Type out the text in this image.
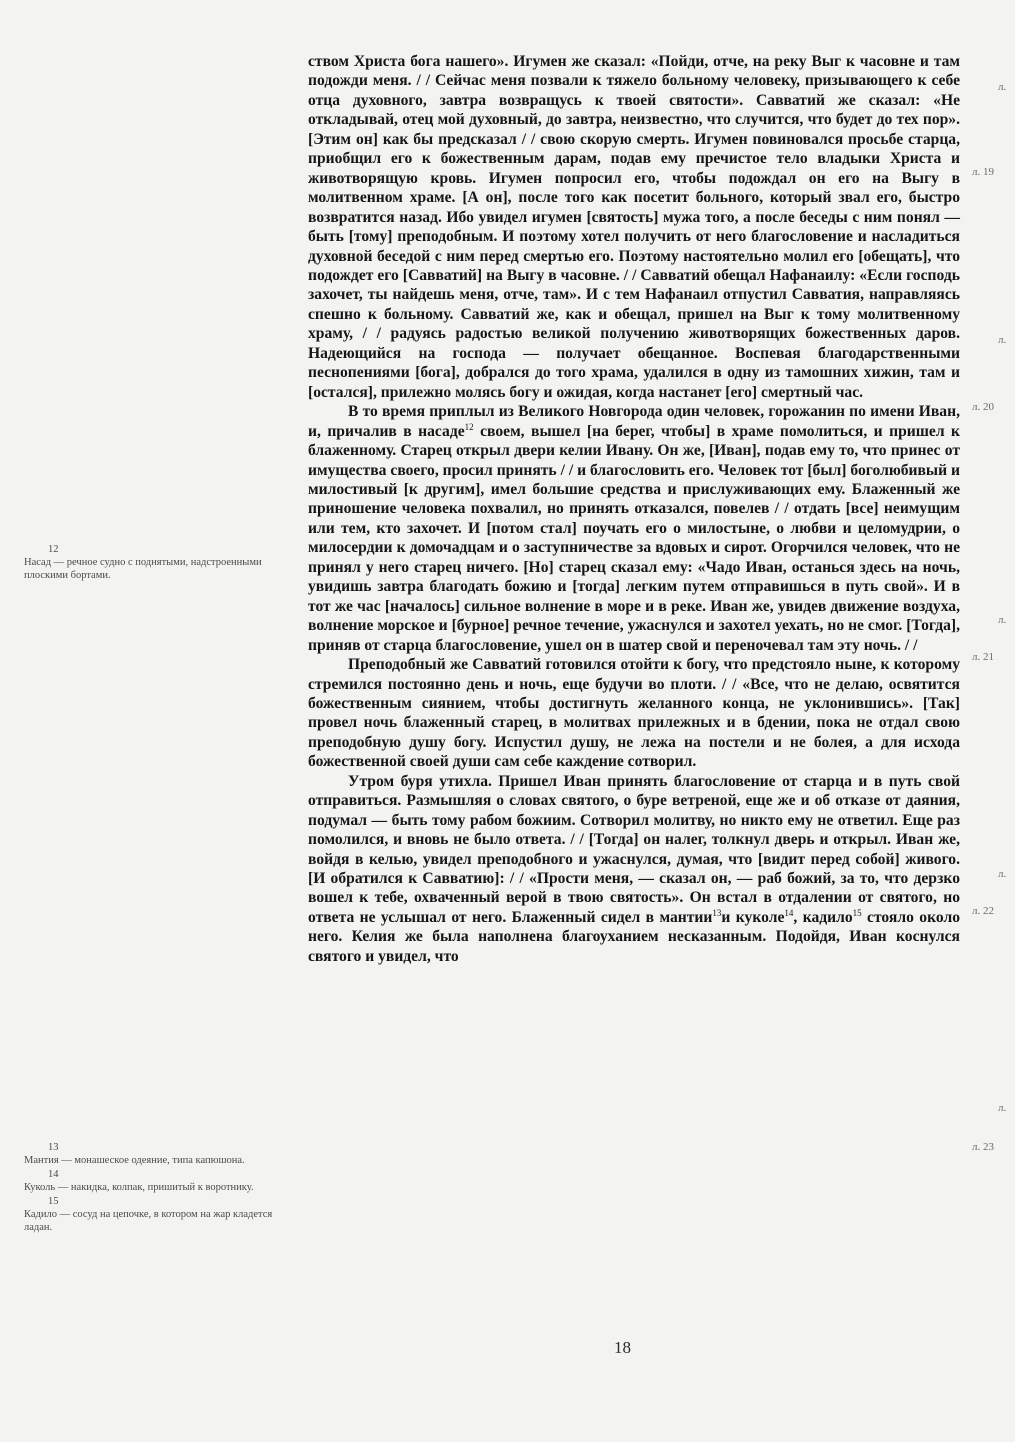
ством Христа бога нашего». Игумен же сказал: «Пойди, отче, на реку Выг к часовне и там подожди меня. / / Сейчас меня позвали к тяжело больному человеку, призывающего к себе отца духовного, завтра возвращусь к твоей святости». Савватий же сказал: «Не откладывай, отец мой духовный, до завтра, неизвестно, что случится, что будет до тех пор». [Этим он] как бы предсказал / / свою скорую смерть. Игумен повиновался просьбе старца, приобщил его к божественным дарам, подав ему пречистое тело владыки Христа и животворящую кровь. Игумен попросил его, чтобы подождал он его на Выгу в молитвенном храме. [А он], после того как посетит больного, который звал его, быстро возвратится назад. Ибо увидел игумен [святость] мужа того, а после беседы с ним понял — быть [тому] преподобным. И поэтому хотел получить от него благословение и насладиться духовной беседой с ним перед смертью его. Поэтому настоятельно молил его [обещать], что подождет его [Савватий] на Выгу в часовне. / / Савватий обещал Нафанаилу: «Если господь захочет, ты найдешь меня, отче, там». И с тем Нафанаил отпустил Савватия, направляясь спешно к больному. Савватий же, как и обещал, пришел на Выг к тому молитвенному храму, / / радуясь радостью великой получению животворящих божественных даров. Надеющийся на господа — получает обещанное. Воспевая благодарственными песнопениями [бога], добрался до того храма, удалился в одну из тамошних хижин, там и [остался], прилежно молясь богу и ожидая, когда настанет [его] смертный час.

В то время приплыл из Великого Новгорода один человек, горожанин по имени Иван, и, причалив в насаде$^{12}$ своем, вышел [на берег, чтобы] в храме помолиться, и пришел к блаженному. Старец открыл двери келии Ивану. Он же, [Иван], подав ему то, что принес от имущества своего, просил принять / / и благословить его. Человек тот [был] боголюбивый и милостивый [к другим], имел большие средства и прислуживающих ему. Блаженный же приношение человека похвалил, но принять отказался, повелев / / отдать [все] неимущим или тем, кто захочет. И [потом стал] поучать его о милостыне, о любви и целомудрии, о милосердии к домочадцам и о заступничестве за вдовых и сирот. Огорчился человек, что не принял у него старец ничего. [Но] старец сказал ему: «Чадо Иван, останься здесь на ночь, увидишь завтра благодать божию и [тогда] легким путем отправишься в путь свой». И в тот же час [началось] сильное волнение в море и в реке. Иван же, увидев движение воздуха, волнение морское и [бурное] речное течение, ужаснулся и захотел уехать, но не смог. [Тогда], приняв от старца благословение, ушел он в шатер свой и переночевал там эту ночь. / /

Преподобный же Савватий готовился отойти к богу, что предстояло ныне, к которому стремился постоянно день и ночь, еще будучи во плоти. / / «Все, что не делаю, освятится божественным сиянием, чтобы достигнуть желанного конца, не уклонившись». [Так] провел ночь блаженный старец, в молитвах прилежных и в бдении, пока не отдал свою преподобную душу богу. Испустил душу, не лежа на постели и не болея, а для исхода божественной своей души сам себе каждение сотворил.

Утром буря утихла. Пришел Иван принять благословение от старца и в путь свой отправиться. Размышляя о словах святого, о буре ветреной, еще же и об отказе от даяния, подумал — быть тому рабом божиим. Сотворил молитву, но никто ему не ответил. Еще раз помолился, и вновь не было ответа. / / [Тогда] он налег, толкнул дверь и открыл. Иван же, войдя в келью, увидел преподобного и ужаснулся, думая, что [видит перед собой] живого. [И обратился к Савватию]: / / «Прости меня, — сказал он, — раб божий, за то, что дерзко вошел к тебе, охваченный верой в твою святость». Он встал в отдалении от святого, но ответа не услышал от него. Блаженный сидел в мантии$^{13}$и куколе$^{14}$, кадило$^{15}$ стояло около него. Келия же была наполнена благоуханием несказанным. Подойдя, Иван коснулся святого и увидел, что

12
Насад — речное судно с поднятыми, надстроенными плоскими бортами.
13
Мантия — монашеское одеяние, типа капюшона.
14
Куколь — накидка, колпак, пришитый к воротнику.
15
Кадило — сосуд на цепочке, в котором на жар кладется ладан.
л.
л. 19
л.
л. 20
л.
л. 21
л.
л. 22
л.
л. 23
18
